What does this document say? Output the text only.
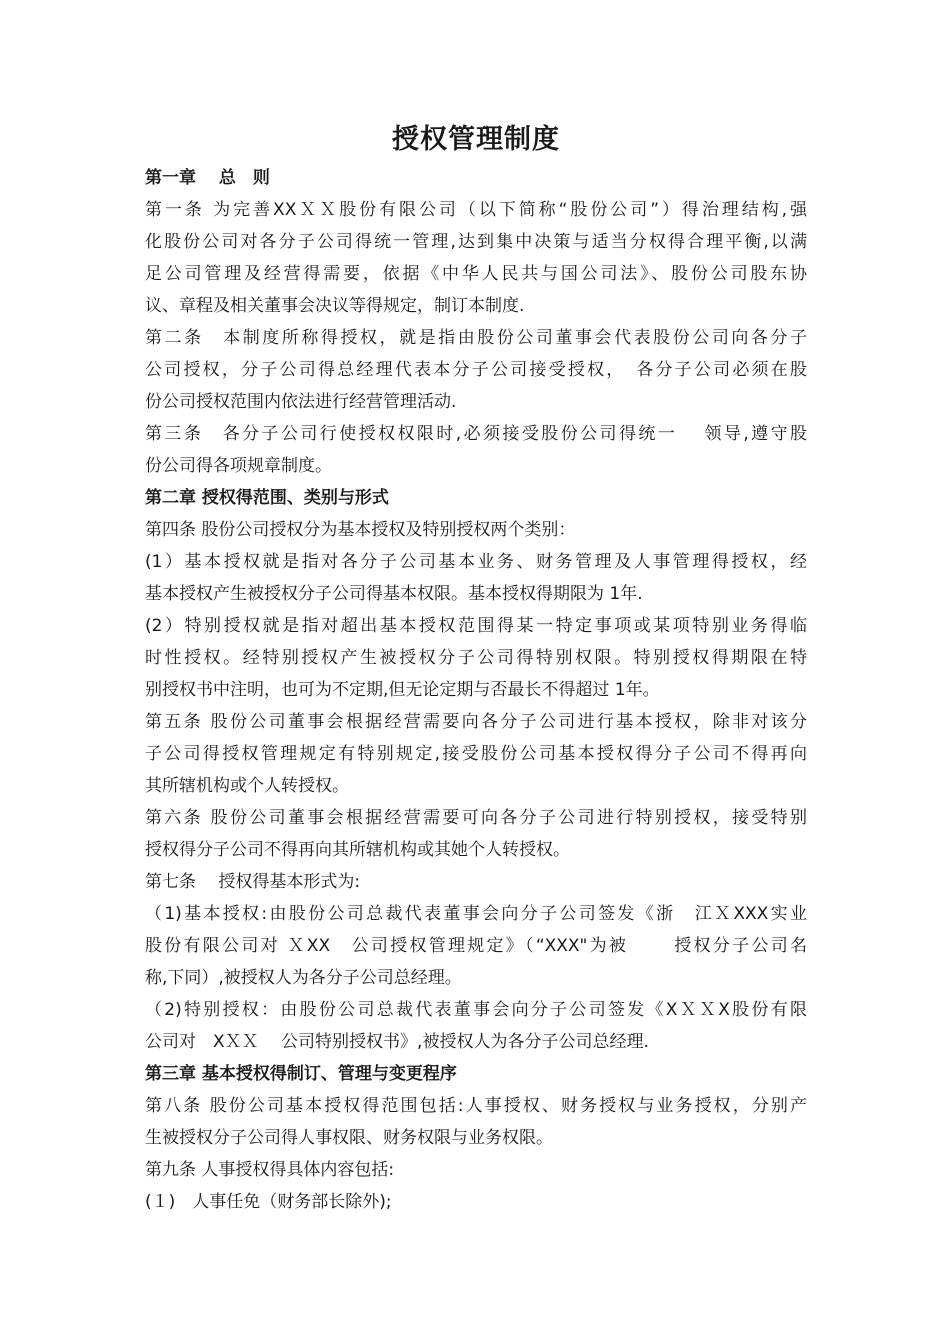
授权管理制度
第一章　 总　则
第一条 为完善XXＸＸ股份有限公司（以下简称“股份公司”）得治理结构,强
化股份公司对各分子公司得统一管理,达到集中决策与适当分权得合理平衡,以满
足公司管理及经营得需要，依据《中华人民共与国公司法》、股份公司股东协
议、章程及相关董事会决议等得规定，制订本制度.
第二条　本制度所称得授权，就是指由股份公司董事会代表股份公司向各分子
公司授权，分子公司得总经理代表本分子公司接受授权，　各分子公司必须在股
份公司授权范围内依法进行经营管理活动.
第三条　各分子公司行使授权权限时,必须接受股份公司得统一　 领导,遵守股
份公司得各项规章制度。
第二章 授权得范围、类别与形式
第四条 股份公司授权分为基本授权及特别授权两个类别：
(1）基本授权就是指对各分子公司基本业务、财务管理及人事管理得授权，经
基本授权产生被授权分子公司得基本权限。基本授权得期限为 1年.
(2）特别授权就是指对超出基本授权范围得某一特定事项或某项特别业务得临
时性授权。经特别授权产生被授权分子公司得特别权限。特别授权得期限在特
别授权书中注明，也可为不定期,但无论定期与否最长不得超过 1年。
第五条 股份公司董事会根据经营需要向各分子公司进行基本授权，除非对该分
子公司得授权管理规定有特别规定,接受股份公司基本授权得分子公司不得再向
其所辖机构或个人转授权。
第六条 股份公司董事会根据经营需要可向各分子公司进行特别授权，接受特别
授权得分子公司不得再向其所辖机构或其她个人转授权。
第七条　 授权得基本形式为:
（1)基本授权:由股份公司总裁代表董事会向分子公司签发《浙　江ＸXXX实业
股份有限公司对 ＸXX　公司授权管理规定》（“XXX"为被　　 授权分子公司名
称,下同）,被授权人为各分子公司总经理。
（2)特别授权：由股份公司总裁代表董事会向分子公司签发《XＸＸX股份有限
公司对　XＸＸ　 公司特别授权书》,被授权人为各分子公司总经理.
第三章 基本授权得制订、管理与变更程序
第八条 股份公司基本授权得范围包括:人事授权、财务授权与业务授权，分别产
生被授权分子公司得人事权限、财务权限与业务权限。
第九条 人事授权得具体内容包括:
(１)　人事任免（财务部长除外);
